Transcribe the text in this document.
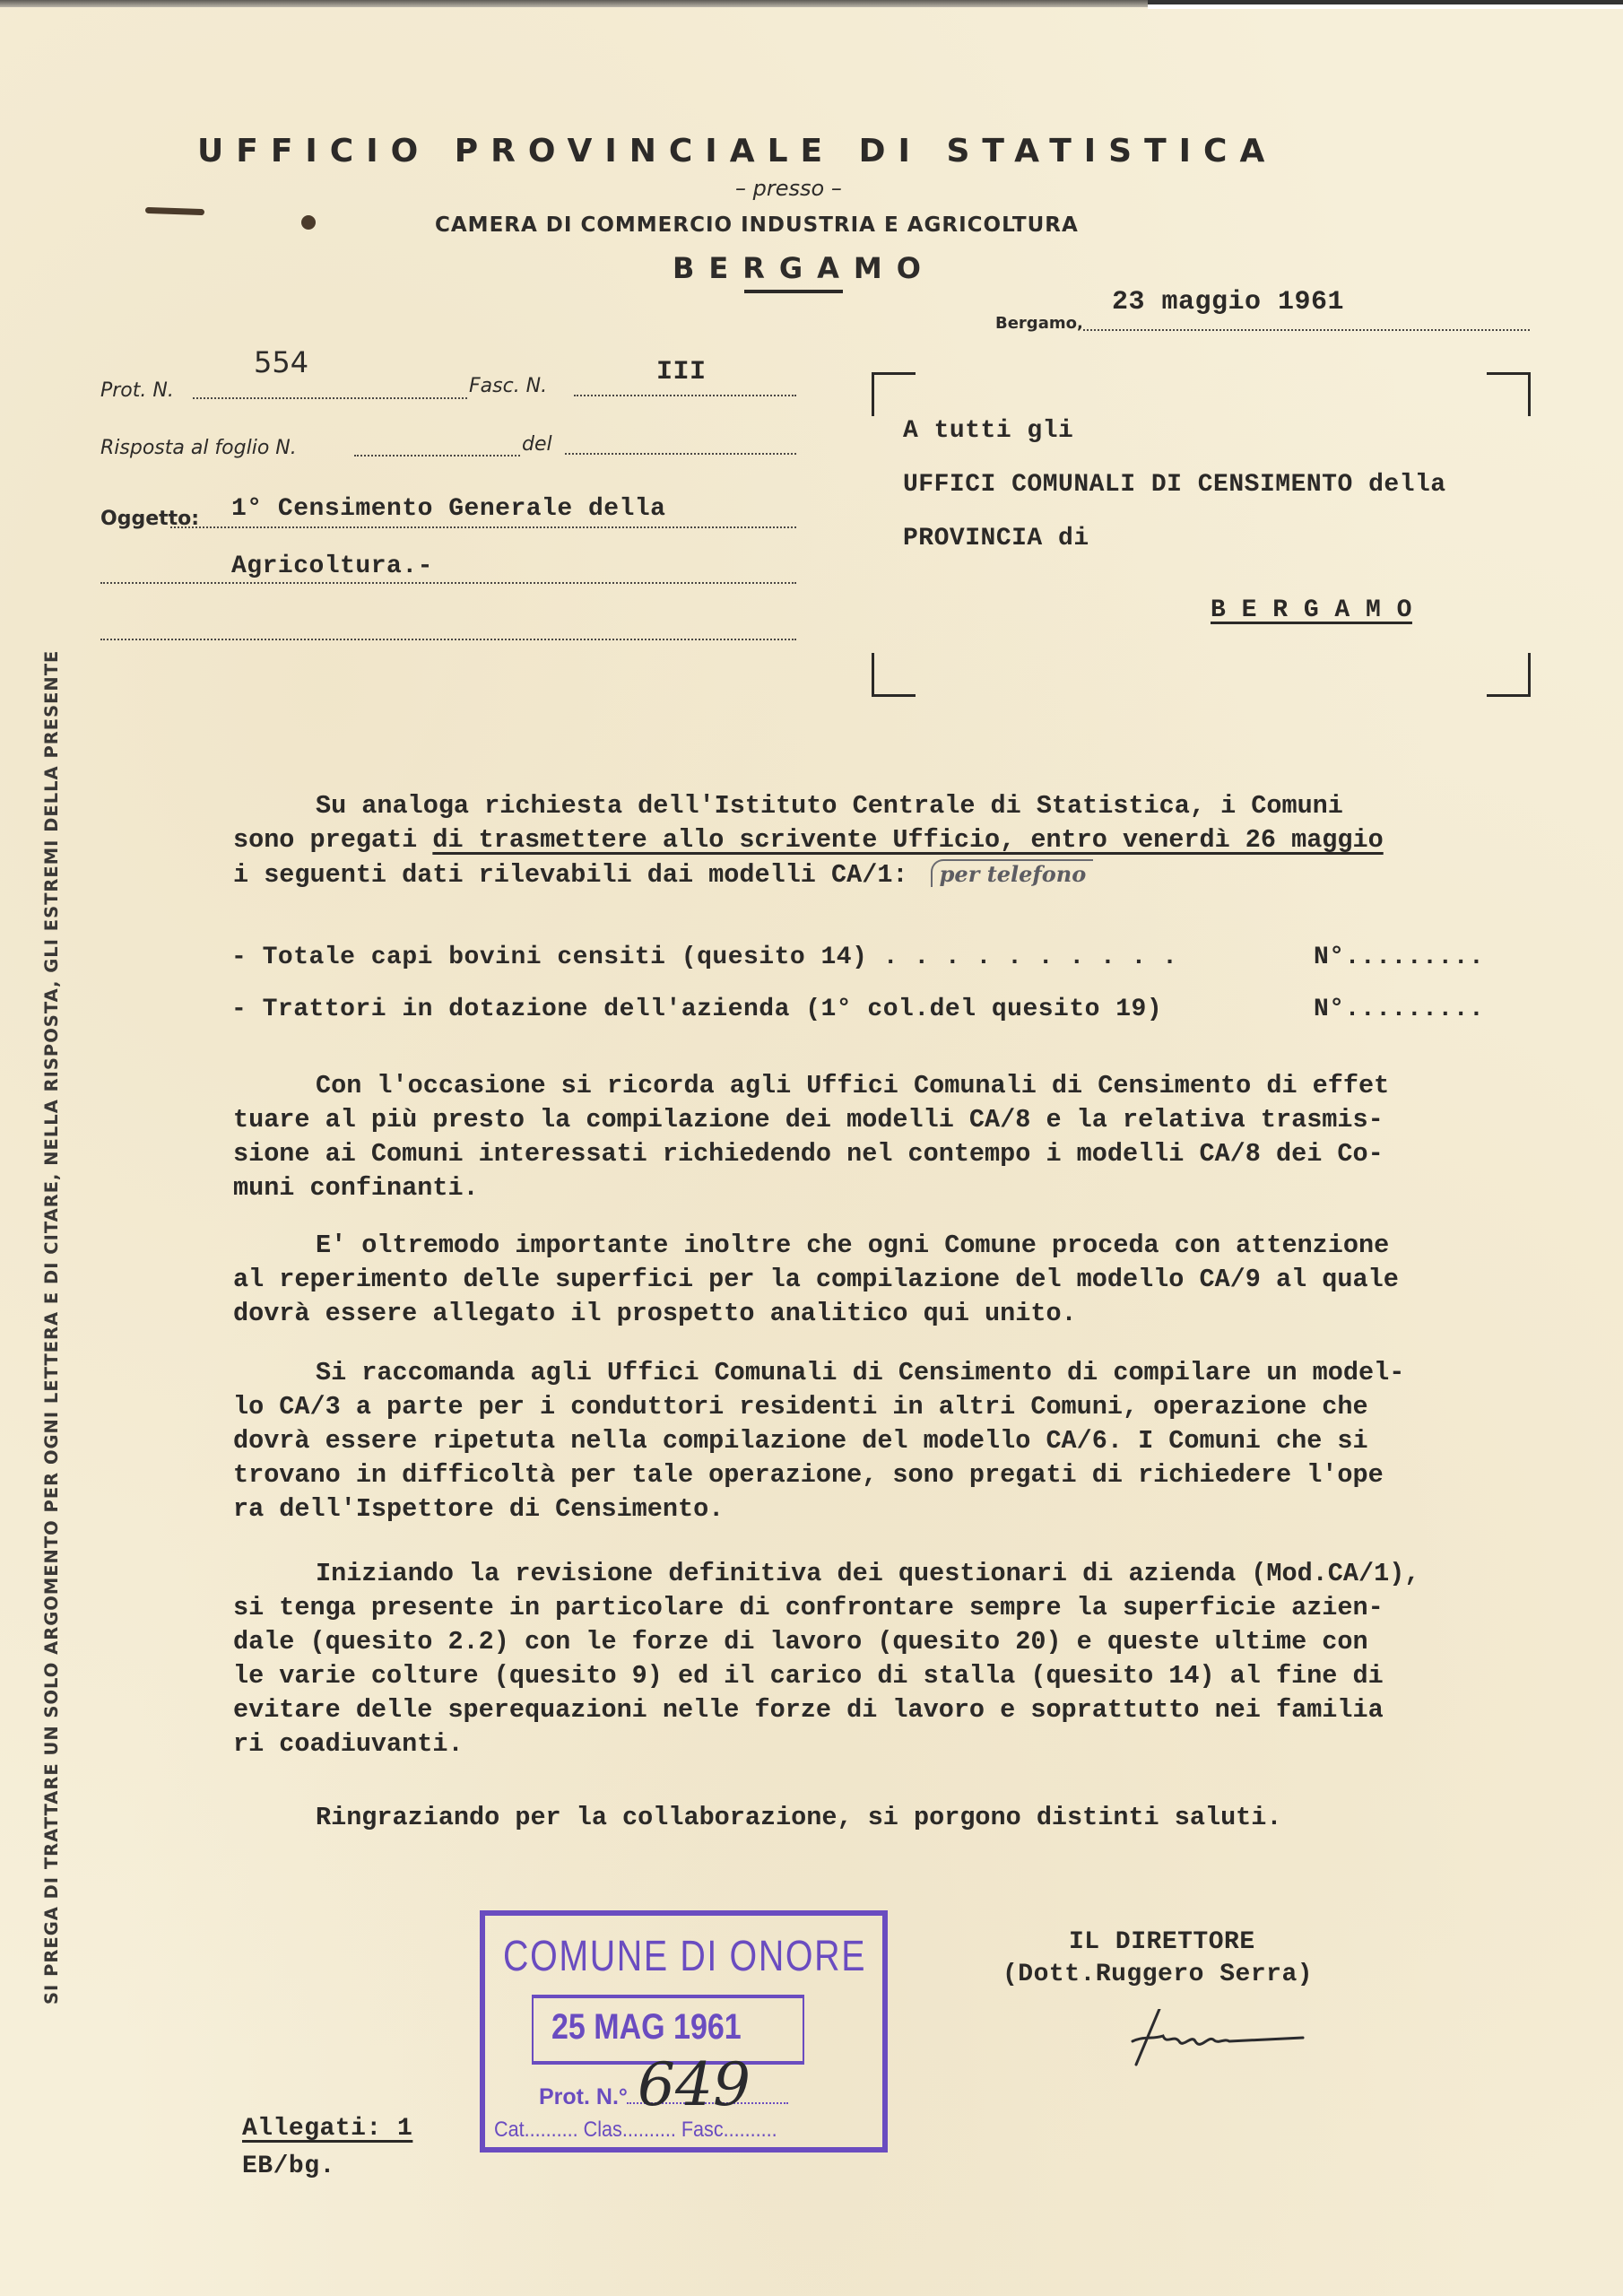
UFFICIO PROVINCIALE DI STATISTICA
– presso –
CAMERA DI COMMERCIO INDUSTRIA E AGRICOLTURA
BERGAMO
Bergamo,
23 maggio 1961
Prot. N.
554
Fasc. N.	III
Risposta al foglio N.	del
Oggetto: 1° Censimento Generale della
Agricoltura.-
A tutti gli
UFFICI COMUNALI DI CENSIMENTO della
PROVINCIA di
B E R G A M O
Su analoga richiesta dell'Istituto Centrale di Statistica, i Comuni
sono pregati di trasmettere allo scrivente Ufficio, entro venerdì 26 maggio
i seguenti dati rilevabili dai modelli CA/1: per telefono
- Totale capi bovini censiti (quesito 14) . . . . . . . . . .	N°.........
- Trattori in dotazione dell'azienda (1° col.del quesito 19)	N°.........
Con l'occasione si ricorda agli Uffici Comunali di Censimento di effet
tuare al più presto la compilazione dei modelli CA/8 e la relativa trasmis-
sione ai Comuni interessati richiedendo nel contempo i modelli CA/8 dei Co-
muni confinanti.
E' oltremodo importante inoltre che ogni Comune proceda con attenzione
al reperimento delle superfici per la compilazione del modello CA/9 al quale
dovrà essere allegato il prospetto analitico qui unito.
Si raccomanda agli Uffici Comunali di Censimento di compilare un model-
lo CA/3 a parte per i conduttori residenti in altri Comuni, operazione che
dovrà essere ripetuta nella compilazione del modello CA/6. I Comuni che si
trovano in difficoltà per tale operazione, sono pregati di richiedere l'ope
ra dell'Ispettore di Censimento.
Iniziando la revisione definitiva dei questionari di azienda (Mod.CA/1),
si tenga presente in particolare di confrontare sempre la superficie azien-
dale (quesito 2.2) con le forze di lavoro (quesito 20) e queste ultime con
le varie colture (quesito 9) ed il carico di stalla (quesito 14) al fine di
evitare delle sperequazioni nelle forze di lavoro e soprattutto nei familia
ri coadiuvanti.
Ringraziando per la collaborazione, si porgono distinti saluti.
IL DIRETTORE
(Dott.Ruggero Serra)
COMUNE DI ONORE
25 MAG 1961
Prot. N.° 649
Cat.......... Clas.......... Fasc..........
Allegati: 1
EB/bg.
SI PREGA DI TRATTARE UN SOLO ARGOMENTO PER OGNI LETTERA E DI CITARE, NELLA RISPOSTA, GLI ESTREMI DELLA PRESENTE
